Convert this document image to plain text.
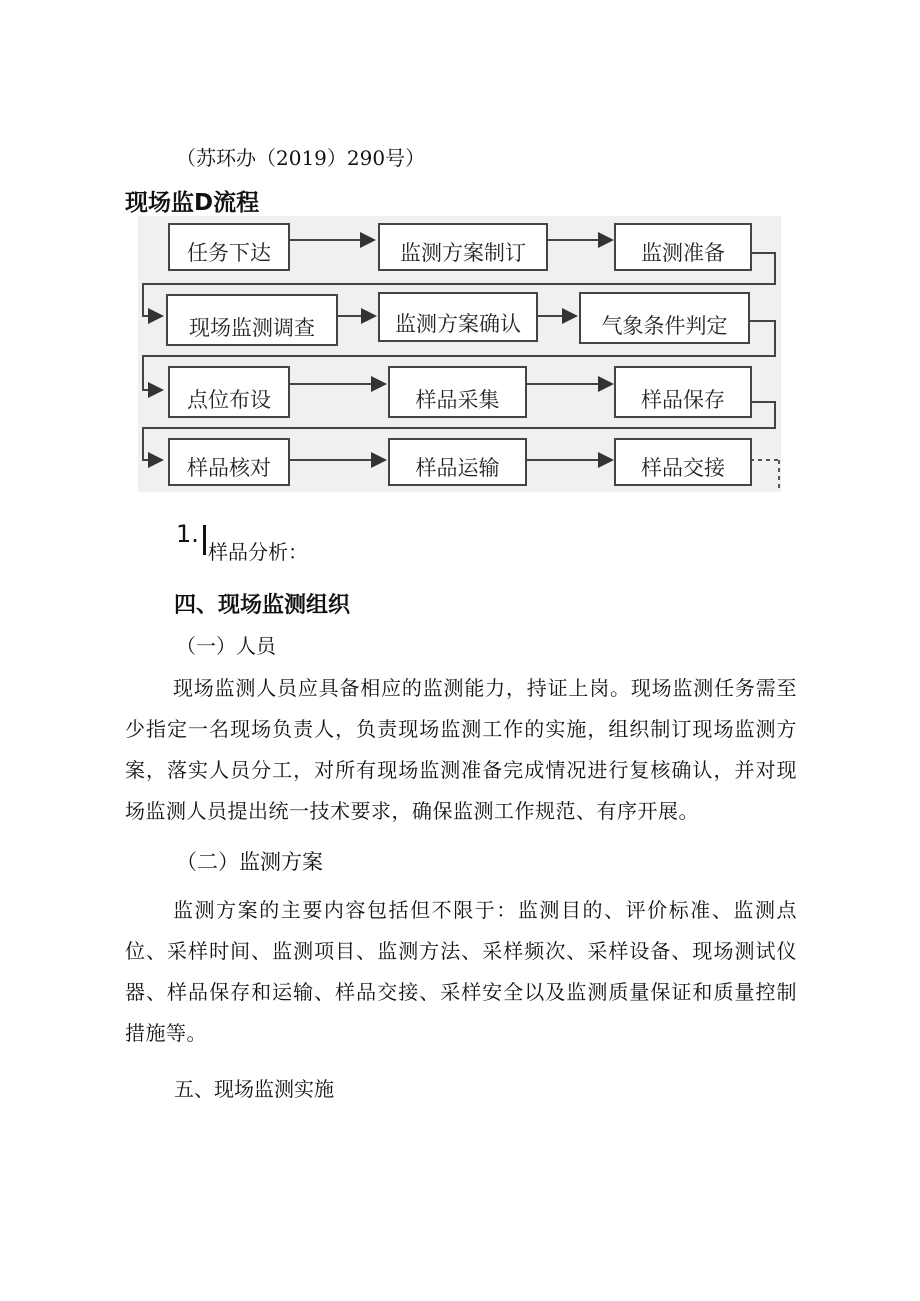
（苏环办（2019）290号）
现场监D流程
任务下达	监测方案制订	监测准备
现场监测调查	监测方案确认	气象条件判定
点位布设	样品采集	样品保存
样品核对	样品运输	样品交接
1.
样品分析：
四、现场监测组织
（一）人员
现场监测人员应具备相应的监测能力，持证上岗。现场监测任务需至少指定一名现场负责人，负责现场监测工作的实施，组织制订现场监测方案，落实人员分工，对所有现场监测准备完成情况进行复核确认，并对现场监测人员提出统一技术要求，确保监测工作规范、有序开展。
（二）监测方案
监测方案的主要内容包括但不限于：监测目的、评价标准、监测点位、采样时间、监测项目、监测方法、采样频次、采样设备、现场测试仪器、样品保存和运输、样品交接、采样安全以及监测质量保证和质量控制措施等。
五、现场监测实施
